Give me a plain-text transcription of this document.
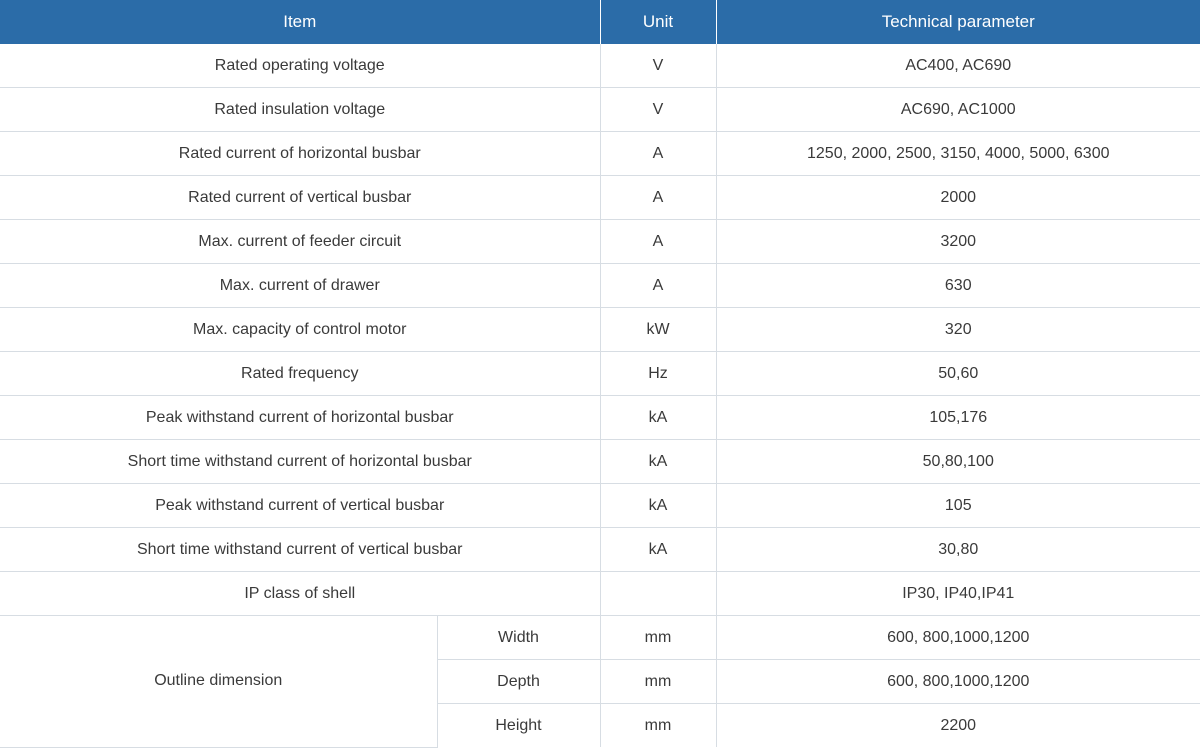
Item		Unit	Technical parameter
Rated operating voltage		V	AC400, AC690
Rated insulation voltage		V	AC690, AC1000
Rated current of horizontal busbar		A	1250, 2000, 2500, 3150, 4000, 5000, 6300
Rated current of vertical busbar		A	2000
Max. current of feeder circuit		A	3200
Max. current of drawer		A	630
Max. capacity of control motor		kW	320
Rated frequency		Hz	50,60
Peak withstand current of horizontal busbar		kA	105,176
Short time withstand current of horizontal busbar		kA	50,80,100
Peak withstand current of vertical busbar		kA	105
Short time withstand current of vertical busbar		kA	30,80
IP class of shell			IP30, IP40,IP41
Outline dimension	Width	mm	600, 800,1000,1200
	Depth	mm	600, 800,1000,1200
	Height	mm	2200
